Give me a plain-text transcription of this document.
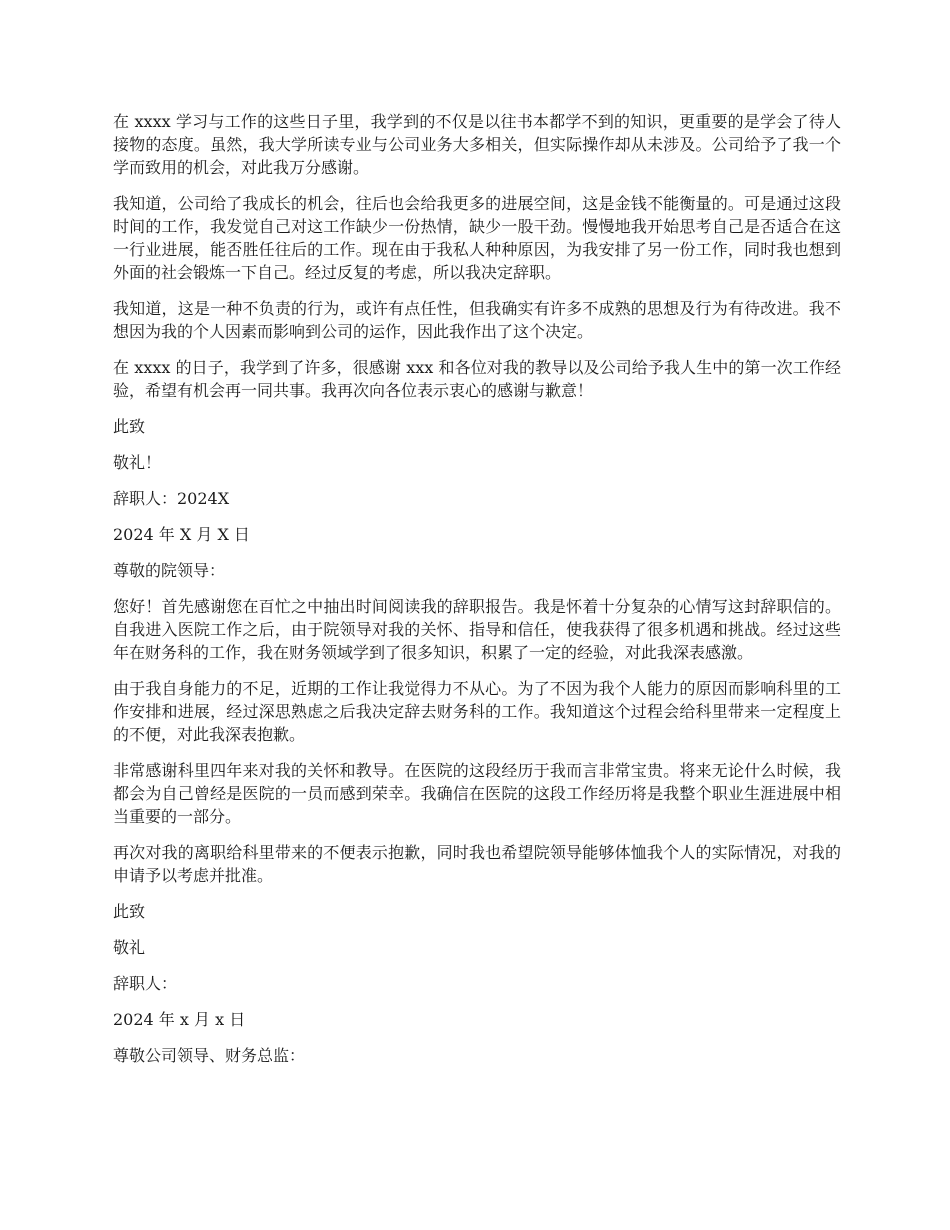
在 xxxx 学习与工作的这些日子里，我学到的不仅是以往书本都学不到的知识，更重要的是学会了待人接物的态度。虽然，我大学所读专业与公司业务大多相关，但实际操作却从未涉及。公司给予了我一个学而致用的机会，对此我万分感谢。

我知道，公司给了我成长的机会，往后也会给我更多的进展空间，这是金钱不能衡量的。可是通过这段时间的工作，我发觉自己对这工作缺少一份热情，缺少一股干劲。慢慢地我开始思考自己是否适合在这一行业进展，能否胜任往后的工作。现在由于我私人种种原因，为我安排了另一份工作，同时我也想到外面的社会锻炼一下自己。经过反复的考虑，所以我决定辞职。

我知道，这是一种不负责的行为，或许有点任性，但我确实有许多不成熟的思想及行为有待改进。我不想因为我的个人因素而影响到公司的运作，因此我作出了这个决定。

在 xxxx 的日子，我学到了许多，很感谢 xxx 和各位对我的教导以及公司给予我人生中的第一次工作经验，希望有机会再一同共事。我再次向各位表示衷心的感谢与歉意！

此致

敬礼！

辞职人：2024X

2024 年 X 月 X 日

尊敬的院领导：

您好！首先感谢您在百忙之中抽出时间阅读我的辞职报告。我是怀着十分复杂的心情写这封辞职信的。自我进入医院工作之后，由于院领导对我的关怀、指导和信任，使我获得了很多机遇和挑战。经过这些年在财务科的工作，我在财务领域学到了很多知识，积累了一定的经验，对此我深表感激。

由于我自身能力的不足，近期的工作让我觉得力不从心。为了不因为我个人能力的原因而影响科里的工作安排和进展，经过深思熟虑之后我决定辞去财务科的工作。我知道这个过程会给科里带来一定程度上的不便，对此我深表抱歉。

非常感谢科里四年来对我的关怀和教导。在医院的这段经历于我而言非常宝贵。将来无论什么时候，我都会为自己曾经是医院的一员而感到荣幸。我确信在医院的这段工作经历将是我整个职业生涯进展中相当重要的一部分。

再次对我的离职给科里带来的不便表示抱歉，同时我也希望院领导能够体恤我个人的实际情况，对我的申请予以考虑并批准。

此致

敬礼

辞职人：

2024 年 x 月 x 日

尊敬公司领导、财务总监：
